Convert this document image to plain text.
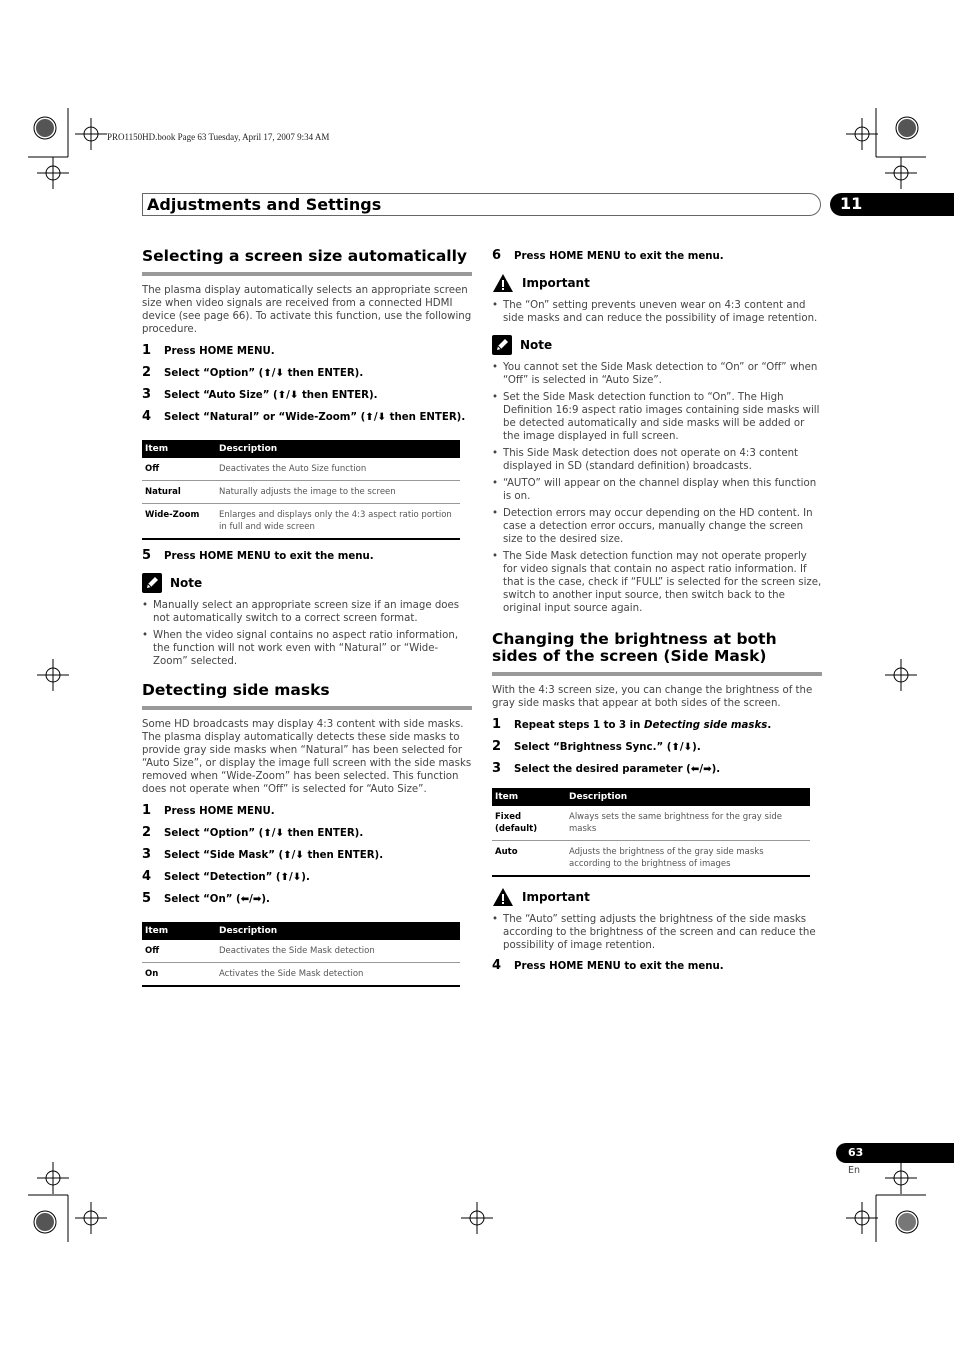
PRO1150HD.book Page 63 Tuesday, April 17, 2007 9:34 AM
Adjustments and Settings	11
Selecting a screen size automatically

The plasma display automatically selects an appropriate screen size when video signals are received from a connected HDMI device (see page 66). To activate this function, use the following procedure.

1	Press HOME MENU.
2	Select “Option” (⬆/⬇ then ENTER).
3	Select “Auto Size” (⬆/⬇ then ENTER).
4	Select “Natural” or “Wide-Zoom” (⬆/⬇ then ENTER).
Item	Description
Off	Deactivates the Auto Size function
Natural	Naturally adjusts the image to the screen
Wide-Zoom	Enlarges and displays only the 4:3 aspect ratio portion in full and wide screen
5	Press HOME MENU to exit the menu.
Note
• Manually select an appropriate screen size if an image does not automatically switch to a correct screen format.
• When the video signal contains no aspect ratio information, the function will not work even with “Natural” or “Wide-Zoom” selected.
Detecting side masks

Some HD broadcasts may display 4:3 content with side masks. The plasma display automatically detects these side masks to provide gray side masks when “Natural” has been selected for “Auto Size”, or display the image full screen with the side masks removed when “Wide-Zoom” has been selected. This function does not operate when “Off” is selected for “Auto Size”.

1	Press HOME MENU.
2	Select “Option” (⬆/⬇ then ENTER).
3	Select “Side Mask” (⬆/⬇ then ENTER).
4	Select “Detection” (⬆/⬇).
5	Select “On” (⬅/➡).
Item	Description
Off	Deactivates the Side Mask detection
On	Activates the Side Mask detection
6	Press HOME MENU to exit the menu.
Important
• The “On” setting prevents uneven wear on 4:3 content and side masks and can reduce the possibility of image retention.
Note
• You cannot set the Side Mask detection to “On” or “Off” when “Off” is selected in “Auto Size”.
• Set the Side Mask detection function to “On”. The High Definition 16:9 aspect ratio images containing side masks will be detected automatically and side masks will be added or the image displayed in full screen.
• This Side Mask detection does not operate on 4:3 content displayed in SD (standard definition) broadcasts.
• “AUTO” will appear on the channel display when this function is on.
• Detection errors may occur depending on the HD content. In case a detection error occurs, manually change the screen size to the desired size.
• The Side Mask detection function may not operate properly for video signals that contain no aspect ratio information. If that is the case, check if “FULL” is selected for the screen size, switch to another input source, then switch back to the original input source again.
Changing the brightness at both sides of the screen (Side Mask)

With the 4:3 screen size, you can change the brightness of the gray side masks that appear at both sides of the screen.

1	Repeat steps 1 to 3 in Detecting side masks.
2	Select “Brightness Sync.” (⬆/⬇).
3	Select the desired parameter (⬅/➡).
Item	Description
Fixed (default)	Always sets the same brightness for the gray side masks
Auto	Adjusts the brightness of the gray side masks according to the brightness of images
Important
• The “Auto” setting adjusts the brightness of the side masks according to the brightness of the screen and can reduce the possibility of image retention.
4	Press HOME MENU to exit the menu.
63
En
